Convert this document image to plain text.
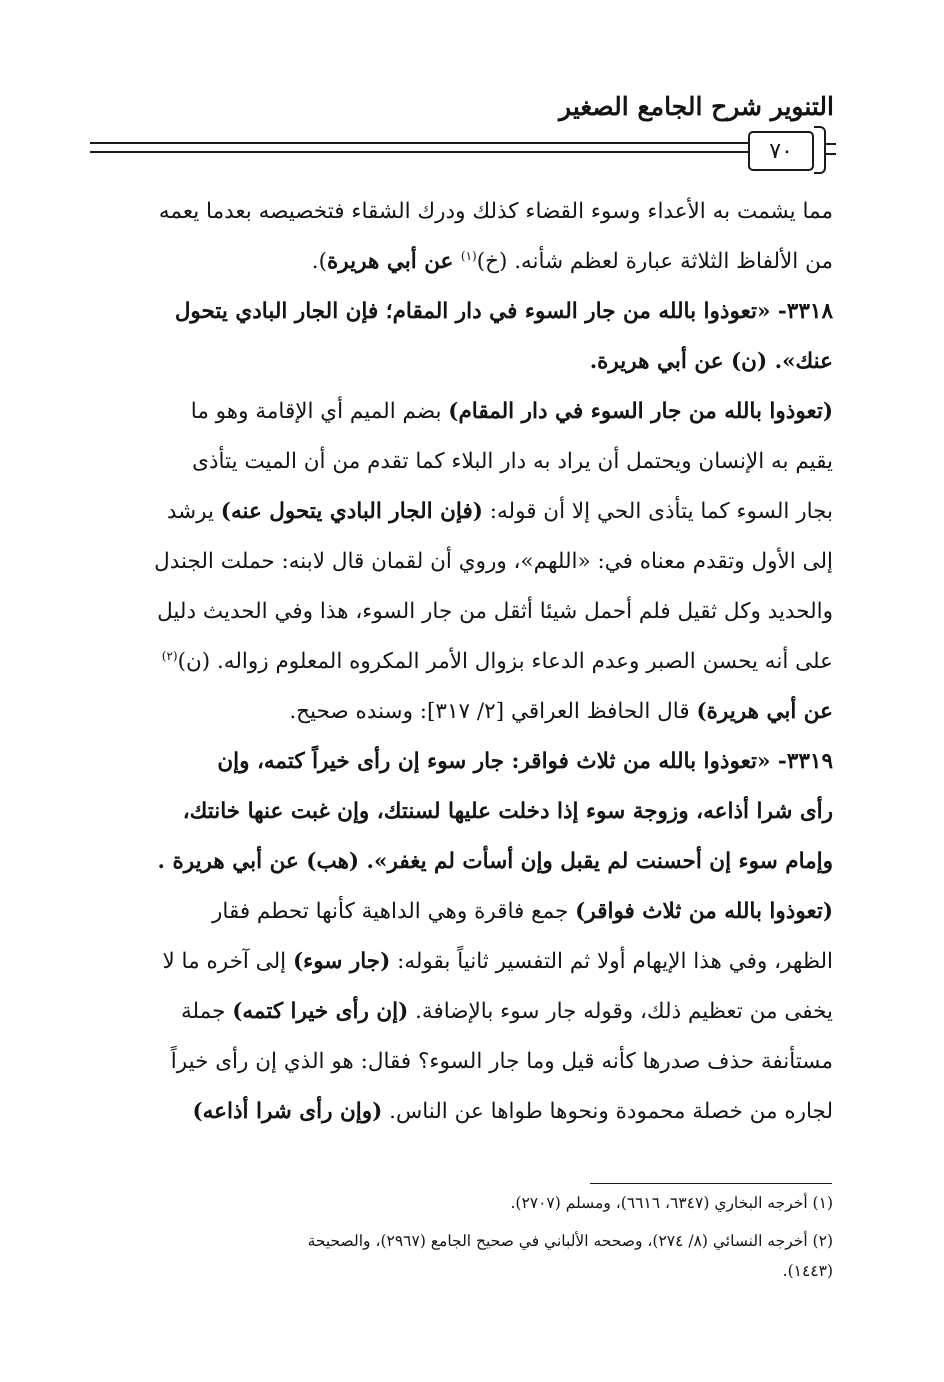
التنوير شرح الجامع الصغير
٧٠
مما يشمت به الأعداء وسوء القضاء كذلك ودرك الشقاء فتخصيصه بعدما يعمه
من الألفاظ الثلاثة عبارة لعظم شأنه. (خ)$^{(١)}$ عن أبي هريرة).
٣٣١٨- «تعوذوا بالله من جار السوء في دار المقام؛ فإن الجار البادي يتحول
عنك». (ن) عن أبي هريرة.
(تعوذوا بالله من جار السوء في دار المقام) بضم الميم أي الإقامة وهو ما
يقيم به الإنسان ويحتمل أن يراد به دار البلاء كما تقدم من أن الميت يتأذى
بجار السوء كما يتأذى الحي إلا أن قوله: (فإن الجار البادي يتحول عنه) يرشد
إلى الأول وتقدم معناه في: «اللهم»، وروي أن لقمان قال لابنه: حملت الجندل
والحديد وكل ثقيل فلم أحمل شيئا أثقل من جار السوء، هذا وفي الحديث دليل
على أنه يحسن الصبر وعدم الدعاء بزوال الأمر المكروه المعلوم زواله. (ن)$^{(٢)}$
عن أبي هريرة) قال الحافظ العراقي [٢/ ٣١٧]: وسنده صحيح.
٣٣١٩- «تعوذوا بالله من ثلاث فواقر: جار سوء إن رأى خيراً كتمه، وإن
رأى شرا أذاعه، وزوجة سوء إذا دخلت عليها لسنتك، وإن غبت عنها خانتك،
وإمام سوء إن أحسنت لم يقبل وإن أسأت لم يغفر». (هب) عن أبي هريرة .
(تعوذوا بالله من ثلاث فواقر) جمع فاقرة وهي الداهية كأنها تحطم فقار
الظهر، وفي هذا الإيهام أولا ثم التفسير ثانياً بقوله: (جار سوء) إلى آخره ما لا
يخفى من تعظيم ذلك، وقوله جار سوء بالإضافة. (إن رأى خيرا كتمه) جملة
مستأنفة حذف صدرها كأنه قيل وما جار السوء؟ فقال: هو الذي إن رأى خيراً
لجاره من خصلة محمودة ونحوها طواها عن الناس. (وإن رأى شرا أذاعه)
(١) أخرجه البخاري (٦٣٤٧، ٦٦١٦)، ومسلم (٢٧٠٧).
(٢) أخرجه النسائي (٨/ ٢٧٤)، وصححه الألباني في صحيح الجامع (٢٩٦٧)، والصحيحة
(١٤٤٣).
